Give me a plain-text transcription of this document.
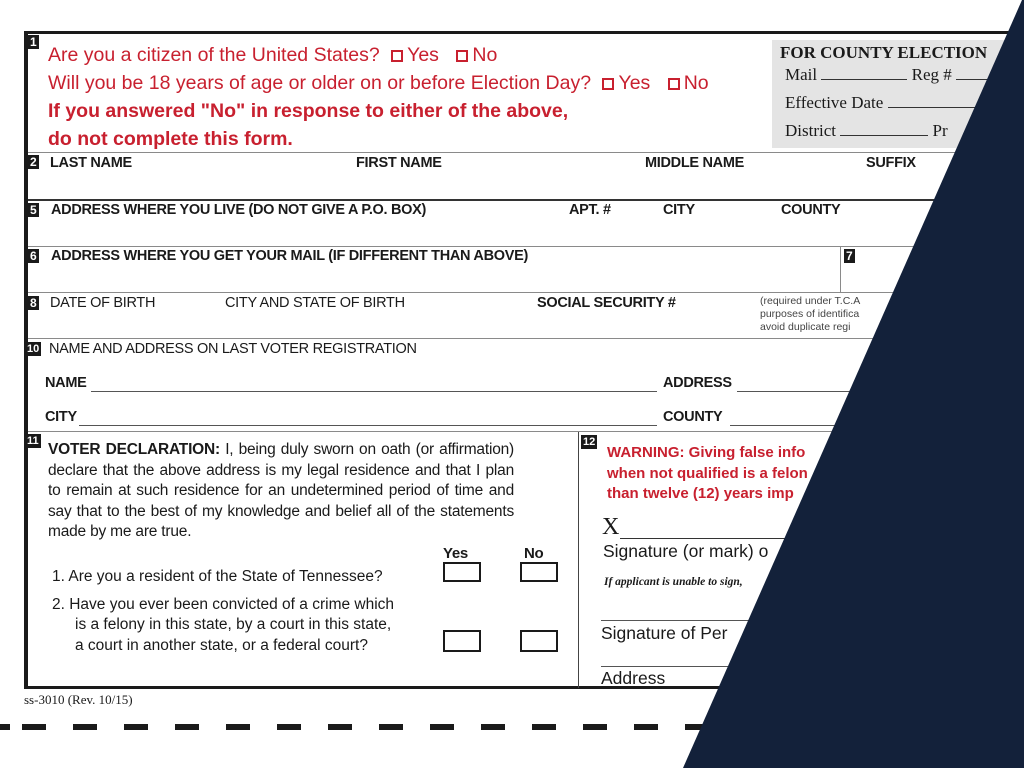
1
Are you a citizen of the United States? Yes No
Will you be 18 years of age or older on or before Election Day? Yes No
If you answered "No" in response to either of the above,
do not complete this form.
FOR COUNTY ELECTION
Mail	Reg #
Effective Date
District	Pr
2 LAST NAME	FIRST NAME	MIDDLE NAME	SUFFIX
5 ADDRESS WHERE YOU LIVE (DO NOT GIVE A P.O. BOX)	APT. #	CITY	COUNTY
6 ADDRESS WHERE YOU GET YOUR MAIL (IF DIFFERENT THAN ABOVE)	7
8 DATE OF BIRTH	CITY AND STATE OF BIRTH	SOCIAL SECURITY #	(required under T.C.A
purposes of identifica
avoid duplicate regi
10 NAME AND ADDRESS ON LAST VOTER REGISTRATION
NAME	ADDRESS
CITY	COUNTY
11 VOTER DECLARATION: I, being duly sworn on oath (or affirmation) declare that the above address is my legal residence and that I plan to remain at such residence for an undetermined period of time and say that to the best of my knowledge and belief all of the statements made by me are true.
Yes	No
1. Are you a resident of the State of Tennessee?
2. Have you ever been convicted of a crime which
is a felony in this state, by a court in this state,
a court in another state, or a federal court?
12
WARNING: Giving false info
when not qualified is a felon
than twelve (12) years imp
X
Signature (or mark) o
If applicant is unable to sign,
Signature of Per
Address
ss-3010 (Rev. 10/15)
